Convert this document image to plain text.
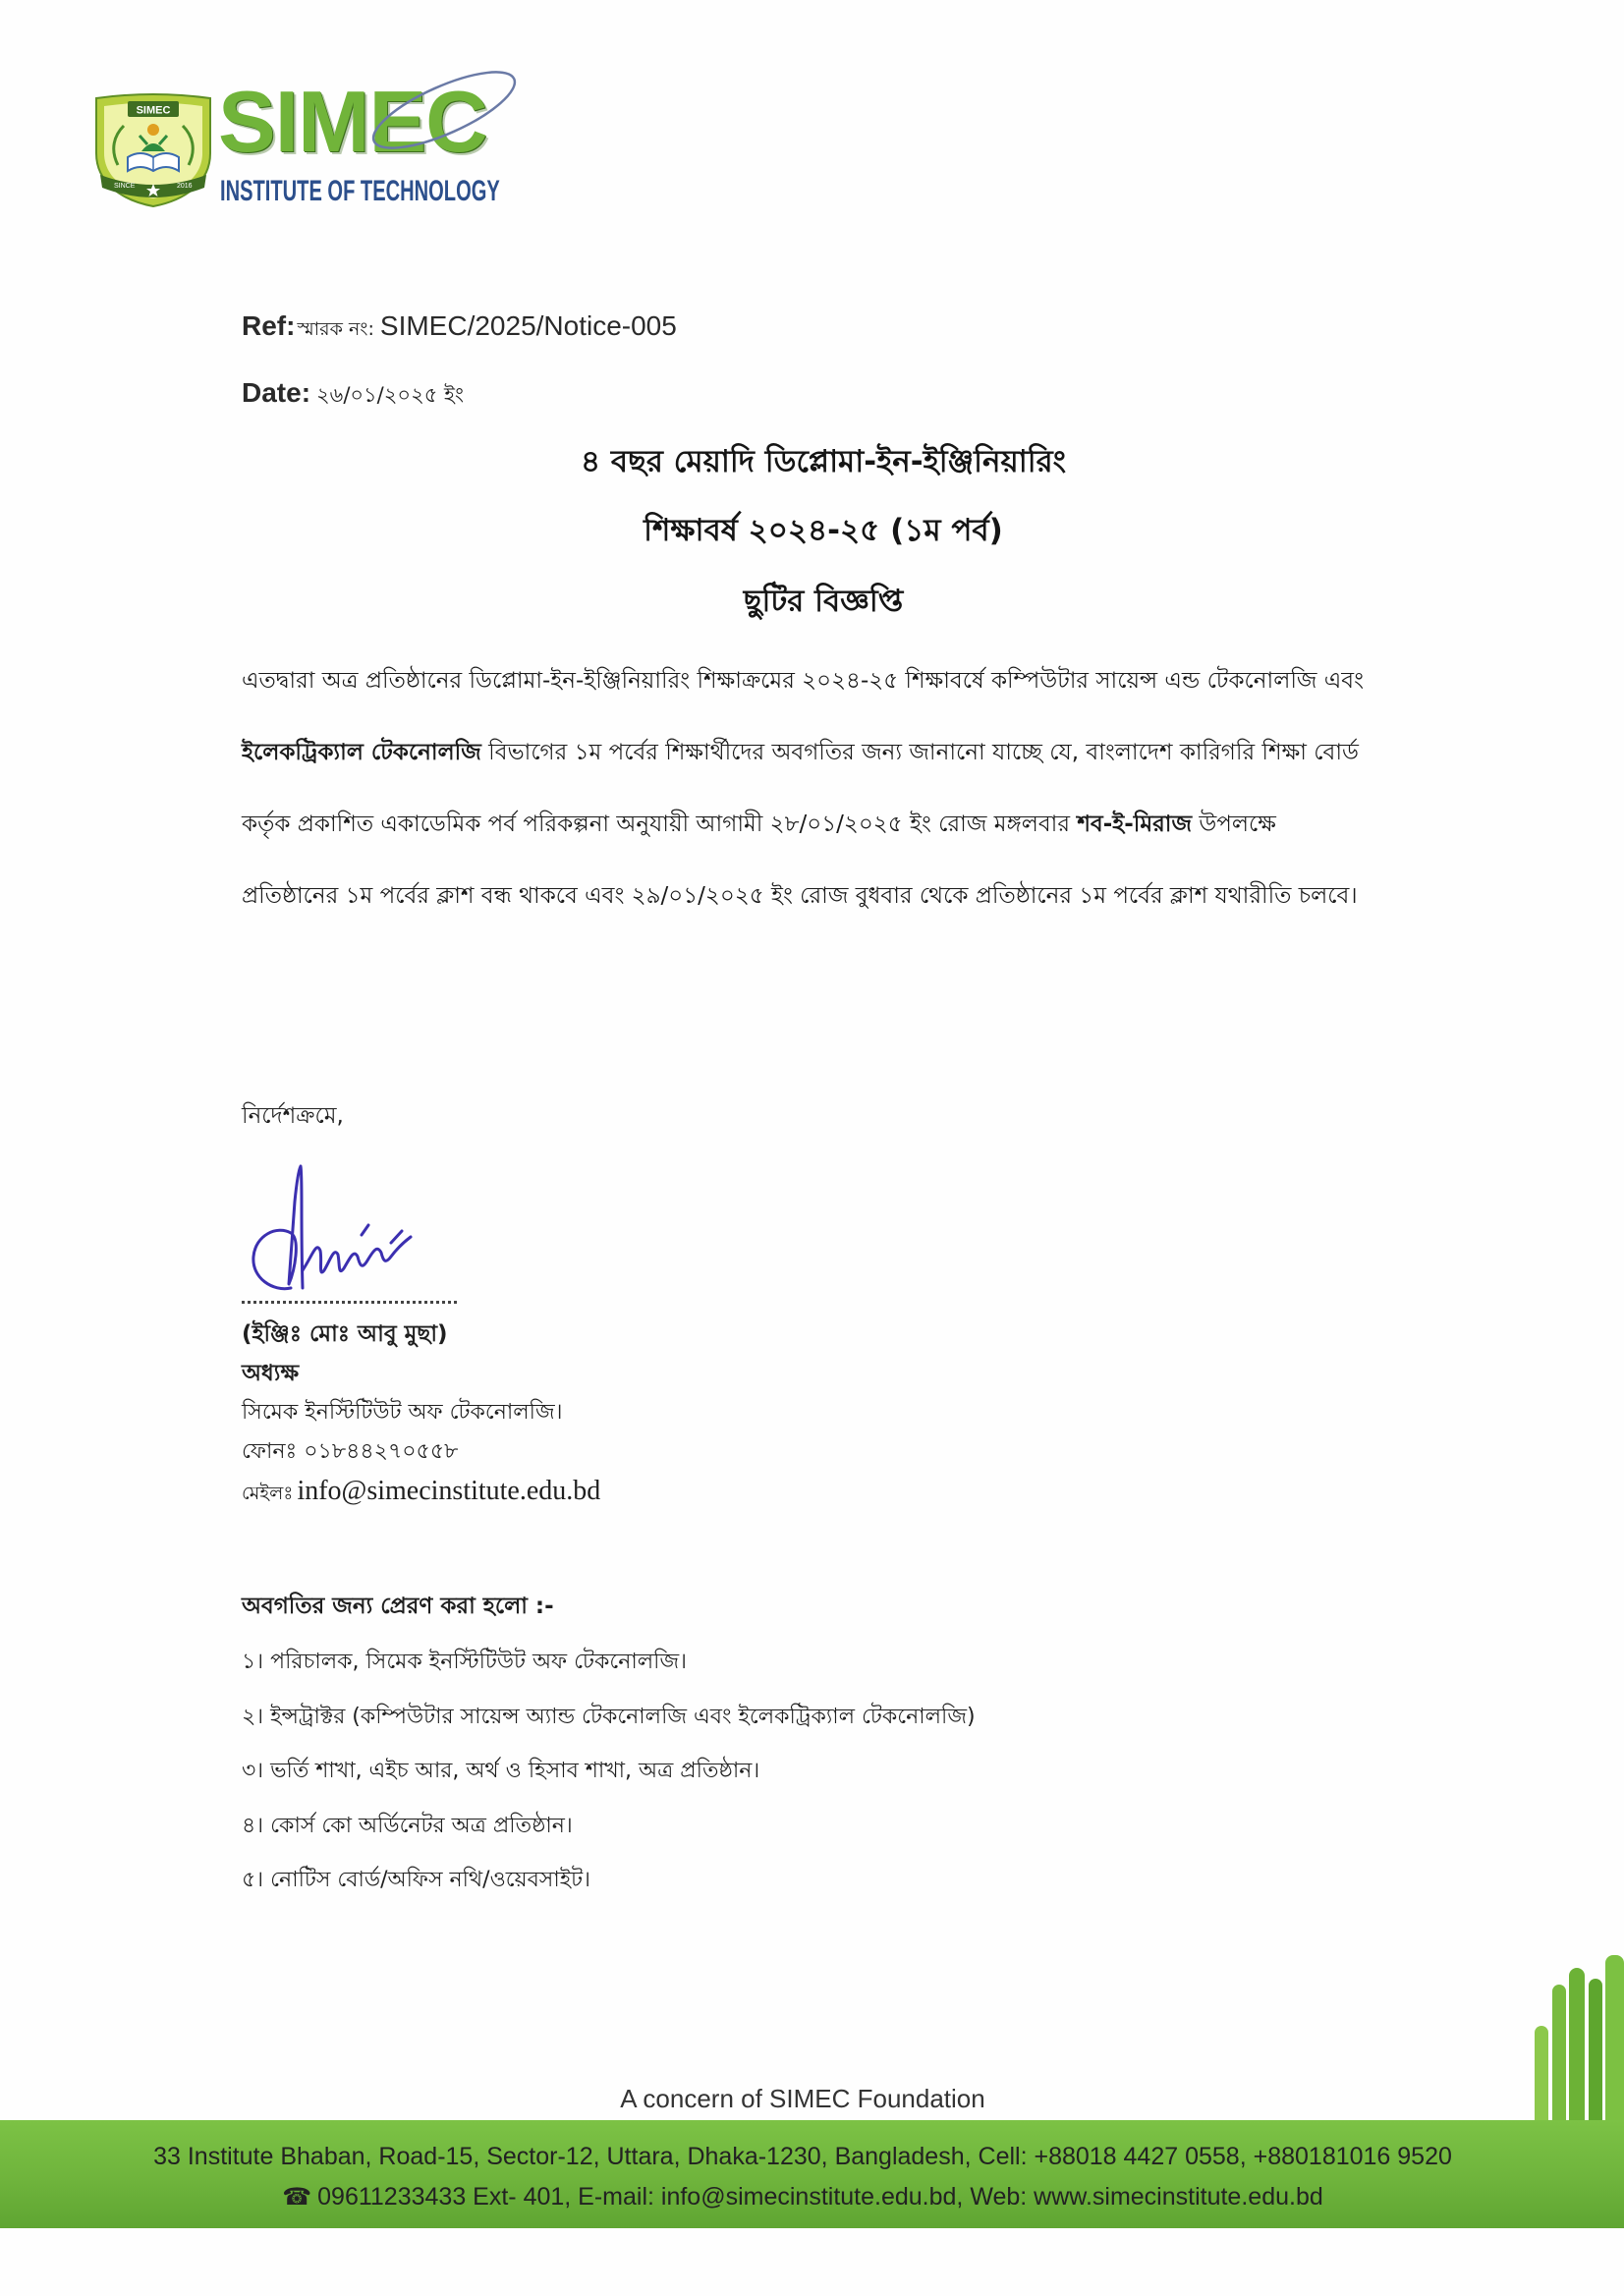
SIMEC
SINCE	2016
SIMEC
INSTITUTE OF TECHNOLOGY
Ref: স্মারক নং: SIMEC/2025/Notice-005
Date: ২৬/০১/২০২৫ ইং
৪ বছর মেয়াদি ডিপ্লোমা-ইন-ইঞ্জিনিয়ারিং
শিক্ষাবর্ষ ২০২৪-২৫ (১ম পর্ব)
ছুটির বিজ্ঞপ্তি
এতদ্বারা অত্র প্রতিষ্ঠানের ডিপ্লোমা-ইন-ইঞ্জিনিয়ারিং শিক্ষাক্রমের ২০২৪-২৫ শিক্ষাবর্ষে কম্পিউটার সায়েন্স এন্ড টেকনোলজি এবং
ইলেকট্রিক্যাল টেকনোলজি বিভাগের ১ম পর্বের শিক্ষার্থীদের অবগতির জন্য জানানো যাচ্ছে যে, বাংলাদেশ কারিগরি শিক্ষা বোর্ড
কর্তৃক প্রকাশিত একাডেমিক পর্ব পরিকল্পনা অনুযায়ী আগামী ২৮/০১/২০২৫ ইং রোজ মঙ্গলবার শব-ই-মিরাজ উপলক্ষে
প্রতিষ্ঠানের ১ম পর্বের ক্লাশ বন্ধ থাকবে এবং ২৯/০১/২০২৫ ইং রোজ বুধবার থেকে প্রতিষ্ঠানের ১ম পর্বের ক্লাশ যথারীতি চলবে।
নির্দেশক্রমে,
(ইঞ্জিঃ মোঃ আবু মুছা)
অধ্যক্ষ
সিমেক ইনস্টিটিউট অফ টেকনোলজি।
ফোনঃ ০১৮৪৪২৭০৫৫৮
মেইলঃ info@simecinstitute.edu.bd
অবগতির জন্য প্রেরণ করা হলো :-
১। পরিচালক, সিমেক ইনস্টিটিউট অফ টেকনোলজি।
২। ইন্সট্রাক্টর (কম্পিউটার সায়েন্স অ্যান্ড টেকনোলজি এবং ইলেকট্রিক্যাল টেকনোলজি)
৩। ভর্তি শাখা, এইচ আর, অর্থ ও হিসাব শাখা, অত্র প্রতিষ্ঠান।
৪। কোর্স কো অর্ডিনেটর অত্র প্রতিষ্ঠান।
৫। নোটিস বোর্ড/অফিস নথি/ওয়েবসাইট।
A concern of SIMEC Foundation
33 Institute Bhaban, Road-15, Sector-12, Uttara, Dhaka-1230, Bangladesh, Cell: +88018 4427 0558, +880181016 9520
☎ 09611233433 Ext- 401, E-mail: info@simecinstitute.edu.bd, Web: www.simecinstitute.edu.bd
